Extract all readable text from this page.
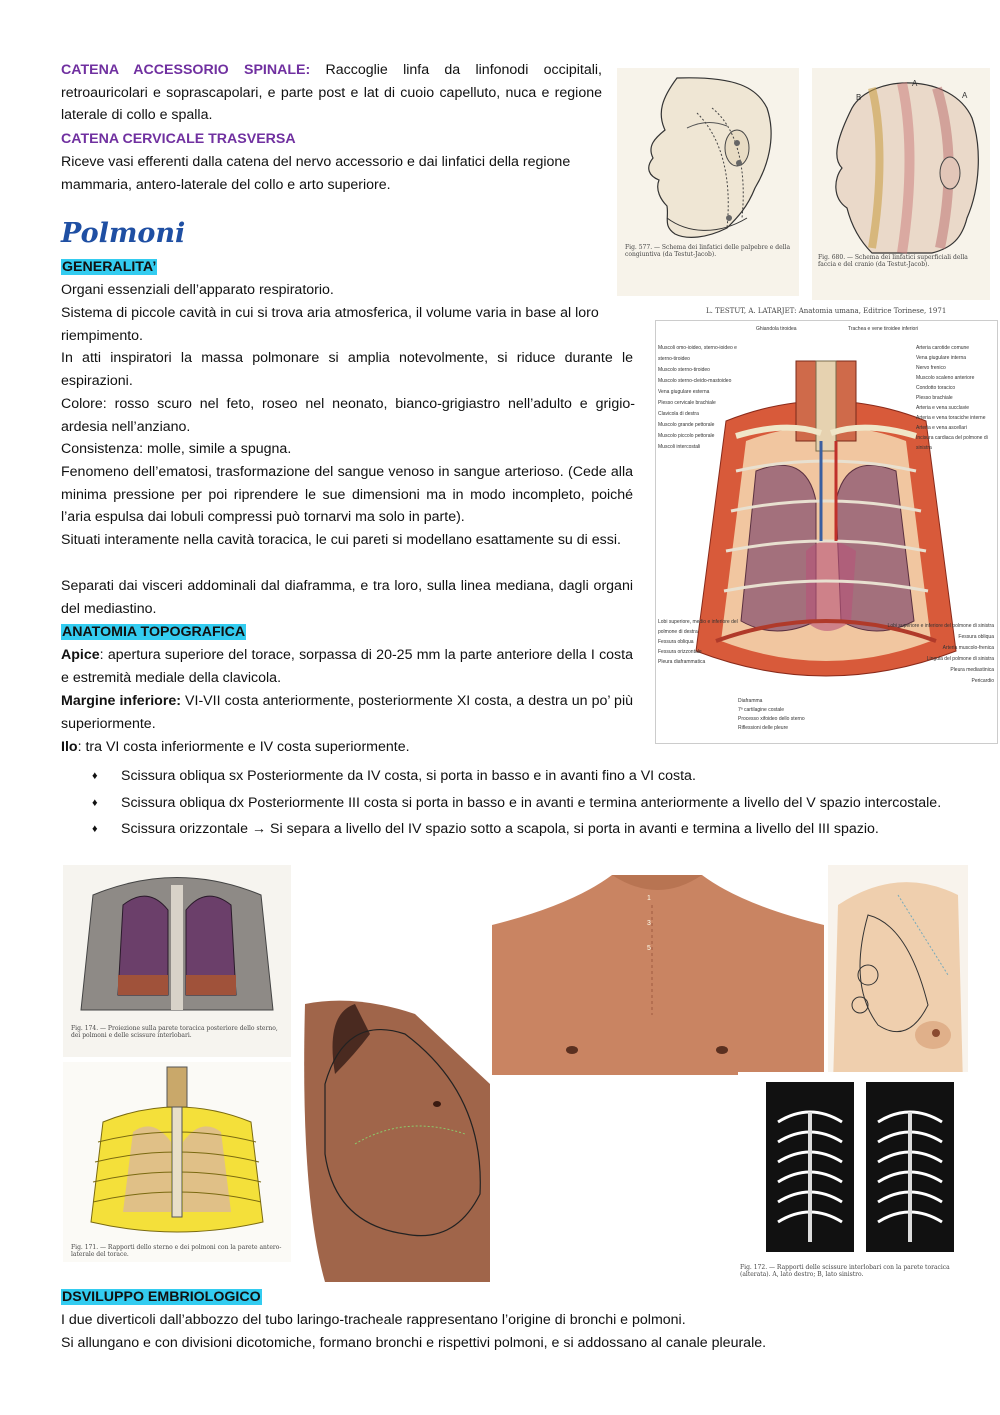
CATENA ACCESSORIO SPINALE: Raccoglie linfa da linfonodi occipitali, retroauricolari e soprascapolari, e parte post e lat di cuoio capelluto, nuca e regione laterale di collo e spalla.
CATENA CERVICALE TRASVERSA
Riceve vasi efferenti dalla catena del nervo accessorio e dai linfatici della regione mammaria, antero-laterale del collo e arto superiore.
Polmoni
GENERALITA’
Organi essenziali dell’apparato respiratorio.
Sistema di piccole cavità in cui si trova aria atmosferica, il volume varia in base al loro riempimento.
In atti inspiratori la massa polmonare si amplia notevolmente, si riduce durante le espirazioni.
Colore: rosso scuro nel feto, roseo nel neonato, bianco-grigiastro nell’adulto e grigio-ardesia nell’anziano.
Consistenza: molle, simile a spugna.
Fenomeno dell’ematosi, trasformazione del sangue venoso in sangue arterioso. (Cede alla minima pressione per poi riprendere le sue dimensioni ma in modo incompleto, poiché l’aria espulsa dai lobuli compressi può tornarvi ma solo in parte).
Situati interamente nella cavità toracica, le cui pareti si modellano esattamente su di essi.
Separati dai visceri addominali dal diaframma, e tra loro, sulla linea mediana, dagli organi del mediastino.
ANATOMIA TOPOGRAFICA
Apice: apertura superiore del torace, sorpassa di 20-25 mm la parte anteriore della I costa e estremità mediale della clavicola.
Margine inferiore: VI-VII costa anteriormente, posteriormente XI costa, a destra un po’ più superiormente.
Ilo: tra VI costa inferiormente e IV costa superiormente.
♦ Scissura obliqua sx Posteriormente da IV costa, si porta in basso e in avanti fino a VI costa.
♦ Scissura obliqua dx Posteriormente III costa si porta in basso e in avanti e termina anteriormente a livello del V spazio intercostale.
♦ Scissura orizzontale → Si separa a livello del IV spazio sotto a scapola, si porta in avanti e termina a livello del III spazio.
Fig. 577. — Schema dei linfatici delle palpebre e della congiuntiva (da Testut-Jacob).
B
A
A
Fig. 680. — Schema dei linfatici superficiali della faccia e del cranio (da Testut-Jacob).
L. TESTUT, A. LATARJET: Anatomia umana, Editrice Torinese, 1971
Muscoli omo-ioideo, sterno-ioideo e sterno-tiroideo
Muscolo sterno-tiroideo
Muscolo sterno-cleido-mastoideo
Vena giugulare esterna
Plesso cervicale brachiale
Clavicola di destra
Muscolo grande pettorale
Muscolo piccolo pettorale
Muscoli intercostali
Ghiandola tiroidea	Trachea e vene tiroidee inferiori
Arteria carotide comune
Vena giugulare interna
Nervo frenico
Muscolo scaleno anteriore
Condotto toracico
Plesso brachiale
Arteria e vena succlavie
Arteria e vena toraciche interne
Arteria e vena ascellari
Incisura cardiaca del polmone di sinistra
Lobi superiore, medio e inferiore del polmone di destra
Fessura obliqua
Fessura orizzontale
Pleura diaframmatica
Diaframma
7ª cartilagine costale
Processo xifoideo dello sterno
Riflessioni delle pleure
Lobi superiore e inferiore del polmone di sinistra
Fessura obliqua
Arteria muscolo-frenica
Lingula del polmone di sinistra
Pleura mediastinica
Pericardio
Fig. 174. — Proiezione sulla parete toracica posteriore dello sterno, dei polmoni e delle scissure interlobari.
Fig. 171. — Rapporti dello sterno e dei polmoni con la parete antero-laterale del torace.
1
3
5
Fig. 172. — Rapporti delle scissure interlobari con la parete toracica (alterata). A, lato destro; B, lato sinistro.
DSVILUPPO EMBRIOLOGICO
I due diverticoli dall’abbozzo del tubo laringo-tracheale rappresentano l’origine di bronchi e polmoni.
Si allungano e con divisioni dicotomiche, formano bronchi e rispettivi polmoni, e si addossano al canale pleurale.
